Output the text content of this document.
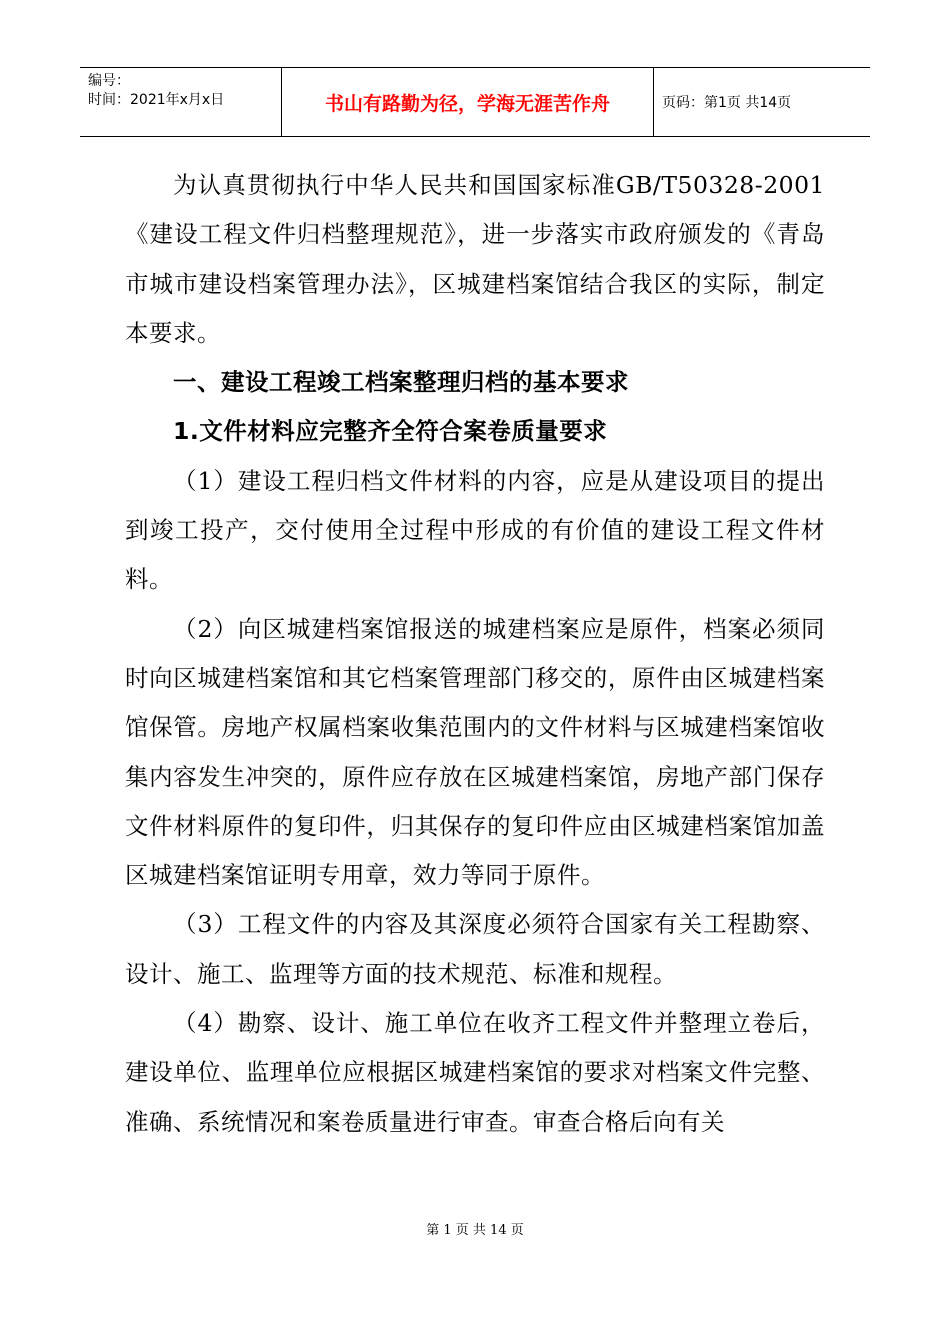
编号：
时间：2021年x月x日	书山有路勤为径，学海无涯苦作舟	页码：第1页 共14页

为认真贯彻执行中华人民共和国国家标准GB/T50328-2001《建设工程文件归档整理规范》，进一步落实市政府颁发的《青岛市城市建设档案管理办法》，区城建档案馆结合我区的实际，制定本要求。

一、建设工程竣工档案整理归档的基本要求

1.文件材料应完整齐全符合案卷质量要求

（1）建设工程归档文件材料的内容，应是从建设项目的提出到竣工投产，交付使用全过程中形成的有价值的建设工程文件材料。

（2）向区城建档案馆报送的城建档案应是原件，档案必须同时向区城建档案馆和其它档案管理部门移交的，原件由区城建档案馆保管。房地产权属档案收集范围内的文件材料与区城建档案馆收集内容发生冲突的，原件应存放在区城建档案馆，房地产部门保存文件材料原件的复印件，归其保存的复印件应由区城建档案馆加盖区城建档案馆证明专用章，效力等同于原件。

（3）工程文件的内容及其深度必须符合国家有关工程勘察、设计、施工、监理等方面的技术规范、标准和规程。

（4）勘察、设计、施工单位在收齐工程文件并整理立卷后，建设单位、监理单位应根据区城建档案馆的要求对档案文件完整、准确、系统情况和案卷质量进行审查。审查合格后向有关

第 1 页 共 14 页
